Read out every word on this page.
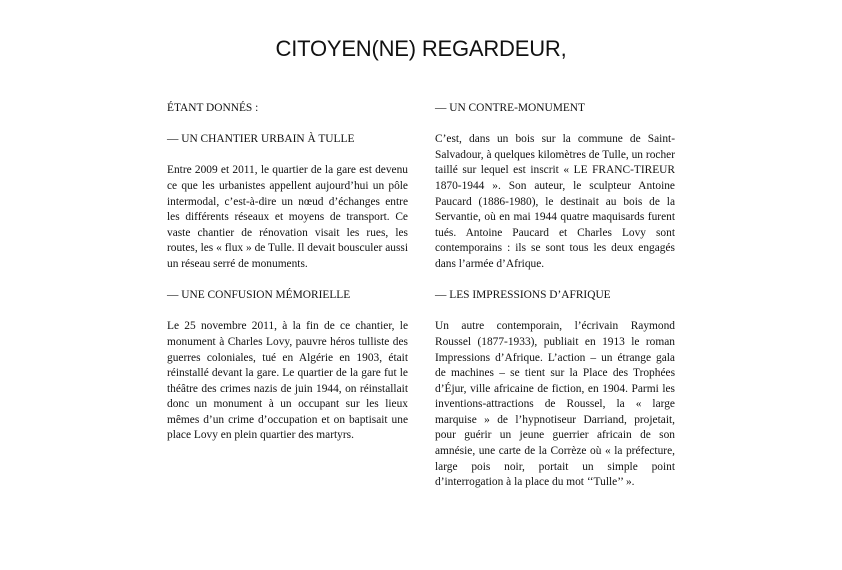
CITOYEN(NE) REGARDEUR,

ÉTANT DONNÉS :

— UN CHANTIER URBAIN À TULLE

Entre 2009 et 2011, le quartier de la gare est devenu ce que les urbanistes appellent aujourd’hui un pôle intermodal, c’est-à-dire un nœud d’échanges entre les différents réseaux et moyens de transport. Ce vaste chantier de rénovation visait les rues, les routes, les « flux » de Tulle. Il devait bousculer aussi un réseau serré de monuments.

— UNE CONFUSION MÉMORIELLE

Le 25 novembre 2011, à la fin de ce chantier, le monument à Charles Lovy, pauvre héros tulliste des guerres coloniales, tué en Algérie en 1903, était réinstallé devant la gare. Le quartier de la gare fut le théâtre des crimes nazis de juin 1944, on réinstallait donc un monument à un occupant sur les lieux mêmes d’un crime d’occupation et on baptisait une place Lovy en plein quartier des martyrs.

— UN CONTRE-MONUMENT

C’est, dans un bois sur la commune de Saint-Salvadour, à quelques kilomètres de Tulle, un rocher taillé sur lequel est inscrit « LE FRANC-TIREUR 1870-1944 ». Son auteur, le sculpteur Antoine Paucard (1886-1980), le destinait au bois de la Servantie, où en mai 1944 quatre maquisards furent tués. Antoine Paucard et Charles Lovy sont contemporains : ils se sont tous les deux engagés dans l’armée d’Afrique.

— LES IMPRESSIONS D’AFRIQUE

Un autre contemporain, l’écrivain Raymond Roussel (1877-1933), publiait en 1913 le roman Impressions d’Afrique. L’action – un étrange gala de machines – se tient sur la Place des Trophées d’Éjur, ville africaine de fiction, en 1904. Parmi les inventions-attractions de Roussel, la « large marquise » de l’hypnotiseur Darriand, projetait, pour guérir un jeune guerrier africain de son amnésie, une carte de la Corrèze où « la préfecture, large pois noir, portait un simple point d’interrogation à la place du mot ‘‘Tulle’’ ».
